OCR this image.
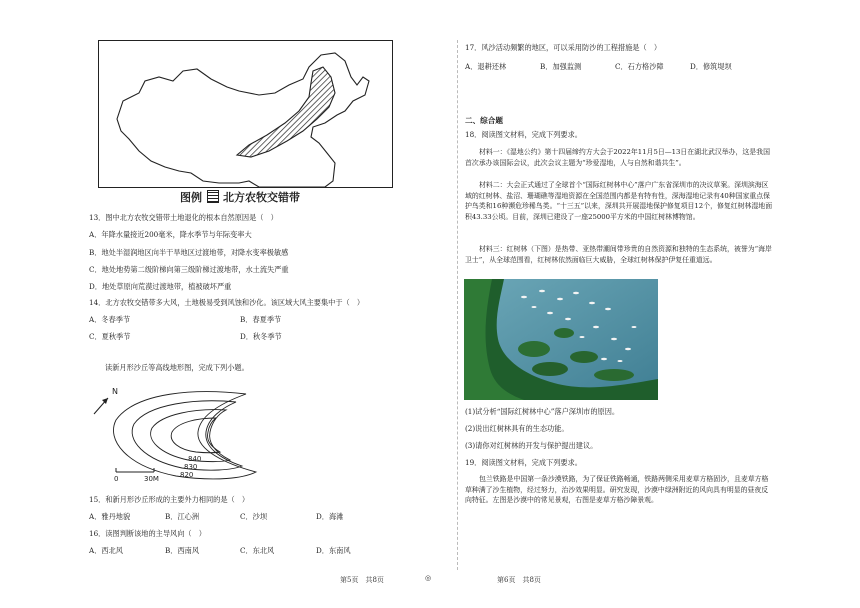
图例 北方农牧交错带
13．图中北方农牧交错带土地退化的根本自然原因是（　）
A．年降水量接近200毫米，降水季节与年际变率大
B．地处半湿润地区向半干旱地区过渡地带，对降水变率极敏感
C．地处地势第二级阶梯向第三级阶梯过渡地带，水土流失严重
D．地处草原向荒漠过渡地带，植被破坏严重
14．北方农牧交错带多大风，土地极易受到风蚀和沙化。该区域大风主要集中于（　）
A．冬春季节	B．春夏季节
C．夏秋季节	D．秋冬季节
读新月形沙丘等高线地形图，完成下列小题。
N
0	30M
840
830
820
15．和新月形沙丘形成的主要外力相同的是（　）
A．雅丹地貌	B．江心洲	C．沙坝	D．海滩
16．读图判断该地的主导风向（　）
A．西北风	B．西南风	C．东北风	D．东南风
17．风沙活动频繁的地区，可以采用防沙的工程措施是（　）
A．退耕还林	B．加强监测	C．石方格沙障	D．修筑堤坝
二、综合题
18．阅读图文材料，完成下列要求。
材料一：《湿地公约》第十四届缔约方大会于2022年11月5日—13日在湖北武汉举办，这是我国首次承办该国际会议，此次会议主题为“珍爱湿地，人与自然和谐共生”。
材料二：大会正式通过了全球首个“国际红树林中心”落户广东省深圳市的决议草案。深圳滨海区域的红树林、盐沼、珊瑚礁等湿地资源在全国范围内都是有特有性，深海湿地记录有40种国家重点保护鸟类和16种濒危珍稀鸟类。“十三五”以来，深圳共开展湿地保护修复项目12个，修复红树林湿地面积43.33公顷。目前，深圳已建设了一座25000平方米的中国红树林博物馆。
材料三：红树林（下图）是热带、亚热带潮间带珍贵的自然资源和独特的生态系统，被誉为“海岸卫士”，从全球范围看，红树林依然面临巨大威胁，全球红树林保护伊复任重道远。
(1)试分析“国际红树林中心”落户深圳市的原因。
(2)说出红树林具有的生态功能。
(3)请你对红树林的开发与保护提出建议。
19．阅读图文材料，完成下列要求。
包兰铁路是中国第一条沙漠铁路，为了保证铁路畅通，铁路两侧采用麦草方格固沙，且麦草方格草种满了沙生植物，经过努力，治沙效果明显。研究发现，沙漠中绿洲附近的风向具有明显的昼夜反向特征。左图是沙漠中的常见景观，右图是麦草方格沙障景观。
第5页　共8页	◎	第6页　共8页
